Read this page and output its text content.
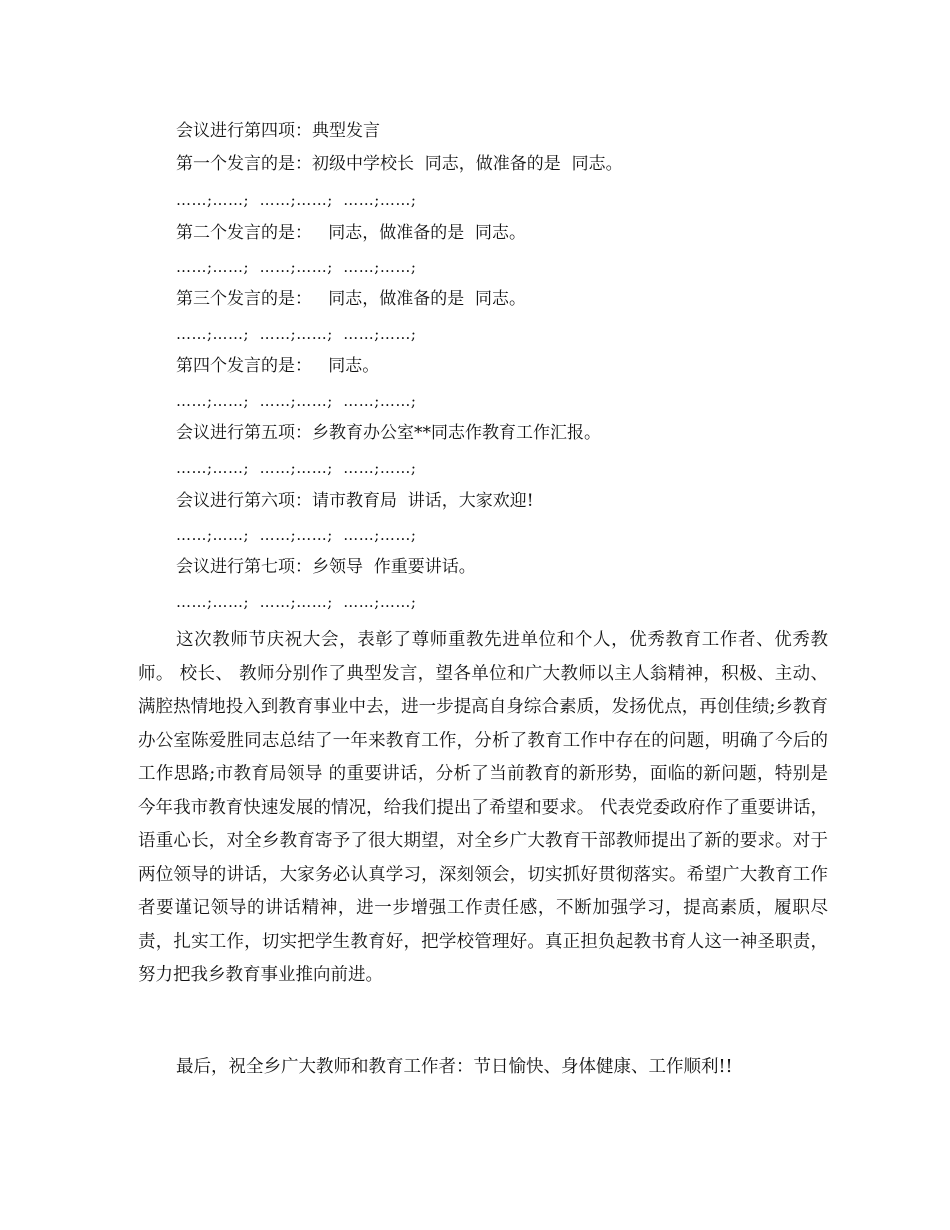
会议进行第四项：典型发言
第一个发言的是：初级中学校长  同志，做准备的是  同志。
……;……;  ……;……;  ……;……;
第二个发言的是：   同志，做准备的是  同志。
……;……;  ……;……;  ……;……;
第三个发言的是：   同志，做准备的是  同志。
……;……;  ……;……;  ……;……;
第四个发言的是：   同志。
……;……;  ……;……;  ……;……;
会议进行第五项：乡教育办公室**同志作教育工作汇报。
……;……;  ……;……;  ……;……;
会议进行第六项：请市教育局  讲话，大家欢迎!
……;……;  ……;……;  ……;……;
会议进行第七项：乡领导  作重要讲话。
……;……;  ……;……;  ……;……;

这次教师节庆祝大会，表彰了尊师重教先进单位和个人，优秀教育工作者、优秀教师。 校长、 教师分别作了典型发言，望各单位和广大教师以主人翁精神，积极、主动、满腔热情地投入到教育事业中去，进一步提高自身综合素质，发扬优点，再创佳绩;乡教育办公室陈爱胜同志总结了一年来教育工作，分析了教育工作中存在的问题，明确了今后的工作思路;市教育局领导 的重要讲话，分析了当前教育的新形势，面临的新问题，特别是今年我市教育快速发展的情况，给我们提出了希望和要求。 代表党委政府作了重要讲话，语重心长，对全乡教育寄予了很大期望，对全乡广大教育干部教师提出了新的要求。对于两位领导的讲话，大家务必认真学习，深刻领会，切实抓好贯彻落实。希望广大教育工作者要谨记领导的讲话精神，进一步增强工作责任感，不断加强学习，提高素质，履职尽责，扎实工作，切实把学生教育好，把学校管理好。真正担负起教书育人这一神圣职责，努力把我乡教育事业推向前进。

最后，祝全乡广大教师和教育工作者：节日愉快、身体健康、工作顺利!!
